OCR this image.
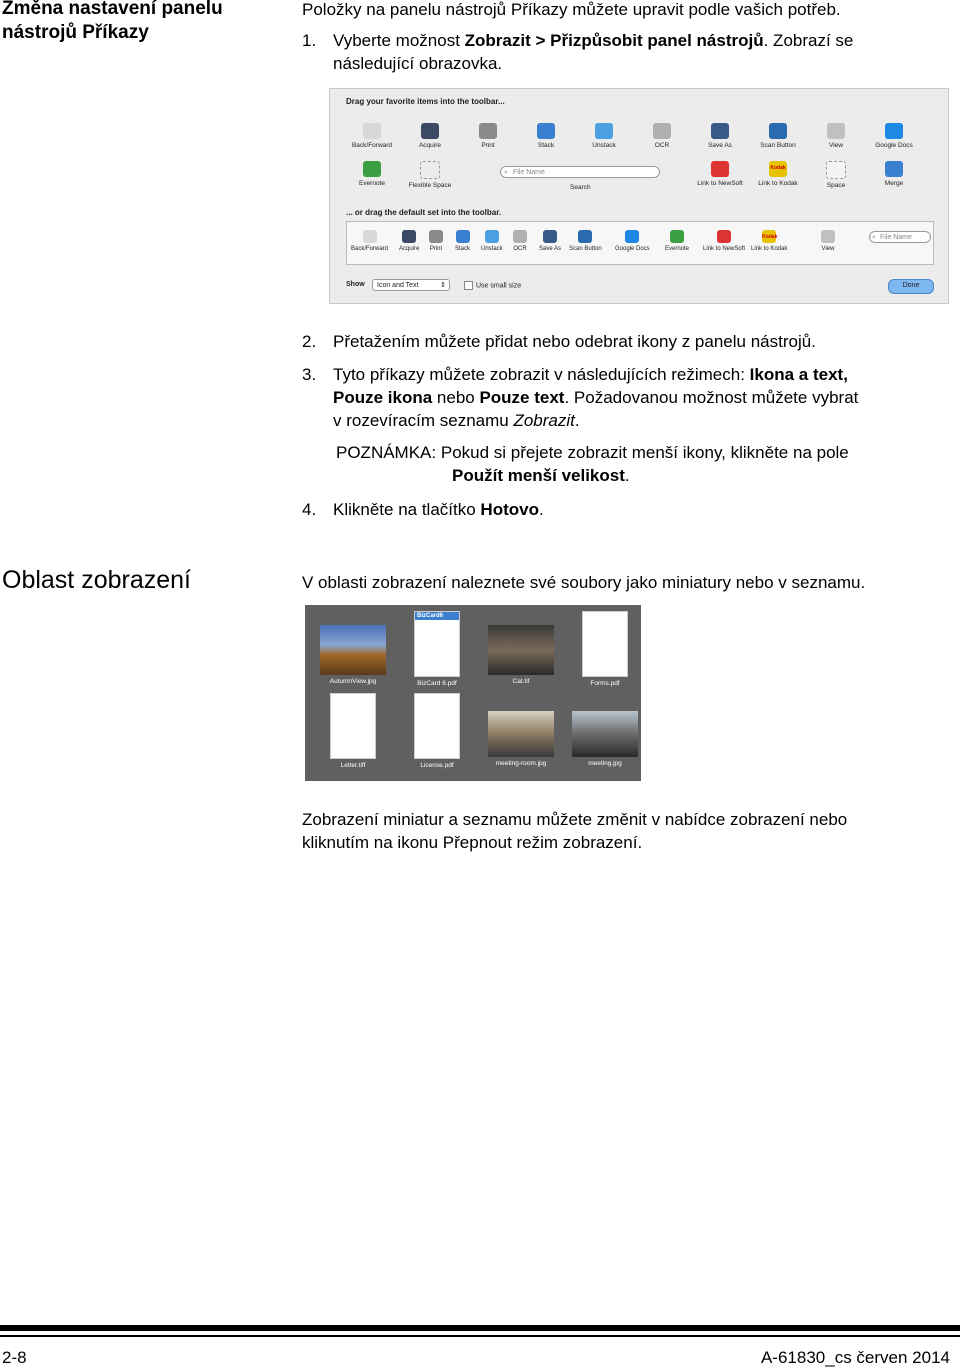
Změna nastavení panelu
nástrojů Příkazy
Položky na panelu nástrojů Příkazy můžete upravit podle vašich potřeb.
1. Vyberte možnost Zobrazit > Přizpůsobit panel nástrojů. Zobrazí se
následující obrazovka.
Drag your favorite items into the toolbar...
Back/Forward	Acquire	Print	Stack	Unstack	OCR	Save As	Scan Button	View	Google Docs
Evernote	Flexible Space
⌕ File Name
Search
Link to NewSoft
Kodak
Link to Kodak	Space	Merge
... or drag the default set into the toolbar.
Back/Forward Acquire Print Stack Unstack OCR Save As Scan Button Google Docs	Evernote Link to NewSoft
Kodak
Link to Kodak	View
⌕ File Name
Show	Icon and Text	⇕	Use small size	Done
2. Přetažením můžete přidat nebo odebrat ikony z panelu nástrojů.
3. Tyto příkazy můžete zobrazit v následujících režimech: Ikona a text,
Pouze ikona nebo Pouze text. Požadovanou možnost můžete vybrat
v rozevíracím seznamu Zobrazit.
POZNÁMKA: Pokud si přejete zobrazit menší ikony, klikněte na pole
Použít menší velikost.
4. Klikněte na tlačítko Hotovo.
Oblast zobrazení	V oblasti zobrazení naleznete své soubory jako miniatury nebo v seznamu.
AutumnView.jpg
BizCard6
BizCard 6.pdf	Cat.tif	Forms.pdf
Letter.tiff	License.pdf	meeting-room.jpg	meeting.jpg
Zobrazení miniatur a seznamu můžete změnit v nabídce zobrazení nebo
kliknutím na ikonu Přepnout režim zobrazení.
2-8	A-61830_cs červen 2014
